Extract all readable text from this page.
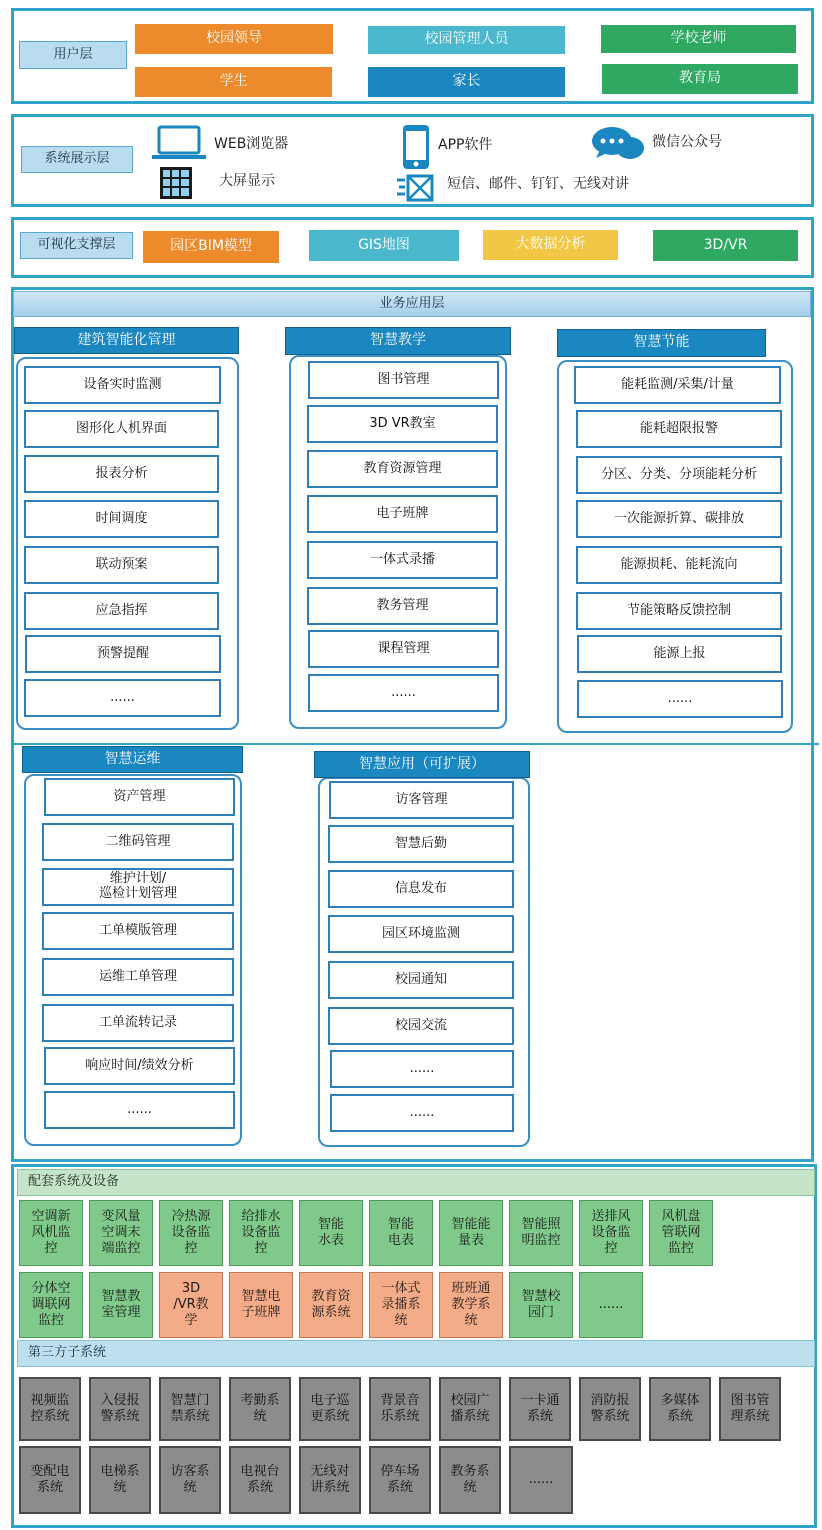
用户层
校园领导	校园管理人员	学校老师
学生	家长	教育局
系统展示层
WEB浏览器	APP软件	微信公众号
大屏显示	短信、邮件、钉钉、无线对讲
可视化支撑层	园区BIM模型	GIS地图	大数据分析	3D/VR
业务应用层
建筑智能化管理
设备实时监测
图形化人机界面
报表分析
时间调度
联动预案
应急指挥
预警提醒
......
智慧教学
图书管理
3D VR教室
教育资源管理
电子班牌
一体式录播
教务管理
课程管理
......
智慧节能
能耗监测/采集/计量
能耗超限报警
分区、分类、分项能耗分析
一次能源折算、碳排放
能源损耗、能耗流向
节能策略反馈控制
能源上报
......
智慧运维
资产管理
二维码管理
维护计划/
巡检计划管理
工单模版管理
运维工单管理
工单流转记录
响应时间/绩效分析
......
智慧应用（可扩展）
访客管理
智慧后勤
信息发布
园区环境监测
校园通知
校园交流
......
......
配套系统及设备
空调新
风机监
控
变风量
空调末
端监控
冷热源
设备监
控
给排水
设备监
控
智能
水表
智能
电表
智能能
量表
智能照
明监控
送排风
设备监
控
风机盘
管联网
监控
分体空
调联网
监控
智慧教
室管理
3D
/VR教
学
智慧电
子班牌
教育资
源系统
一体式
录播系
统
班班通
教学系
统
智慧校
园门
......
第三方子系统
视频监
控系统
入侵报
警系统
智慧门
禁系统
考勤系
统
电子巡
更系统
背景音
乐系统
校园广
播系统
一卡通
系统
消防报
警系统
多媒体
系统
图书管
理系统
变配电
系统
电梯系
统
访客系
统
电视台
系统
无线对
讲系统
停车场
系统
教务系
统
......
